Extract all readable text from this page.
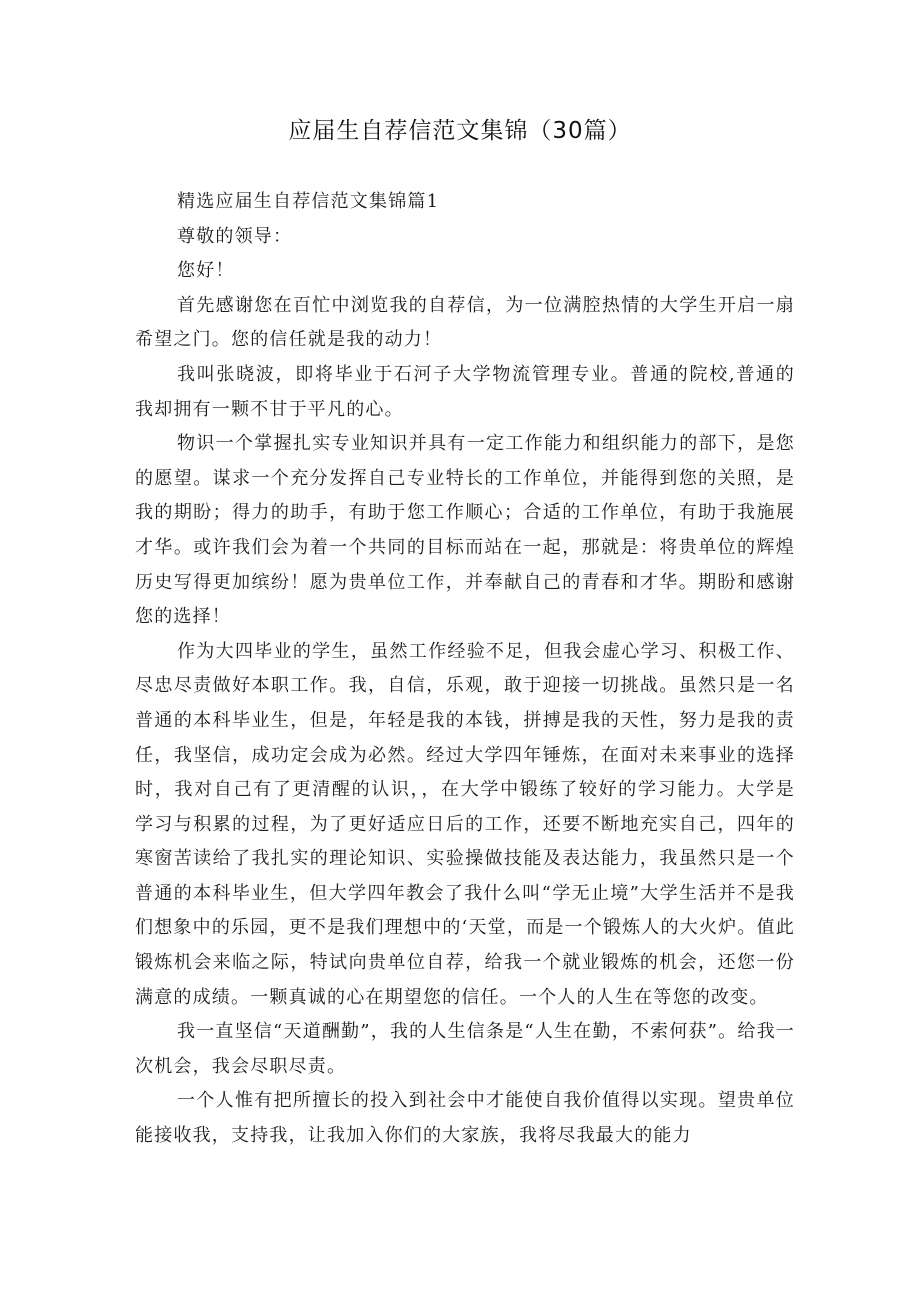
应届生自荐信范文集锦（30篇）

精选应届生自荐信范文集锦篇1

尊敬的领导：

您好！

首先感谢您在百忙中浏览我的自荐信，为一位满腔热情的大学生开启一扇希望之门。您的信任就是我的动力！

我叫张晓波，即将毕业于石河子大学物流管理专业。普通的院校,普通的我却拥有一颗不甘于平凡的心。

物识一个掌握扎实专业知识并具有一定工作能力和组织能力的部下，是您的愿望。谋求一个充分发挥自己专业特长的工作单位，并能得到您的关照，是我的期盼；得力的助手，有助于您工作顺心；合适的工作单位，有助于我施展才华。或许我们会为着一个共同的目标而站在一起，那就是：将贵单位的辉煌历史写得更加缤纷！愿为贵单位工作，并奉献自己的青春和才华。期盼和感谢您的选择！

作为大四毕业的学生，虽然工作经验不足，但我会虚心学习、积极工作、尽忠尽责做好本职工作。我，自信，乐观，敢于迎接一切挑战。虽然只是一名普通的本科毕业生，但是，年轻是我的本钱，拼搏是我的天性，努力是我的责任，我坚信，成功定会成为必然。经过大学四年锤炼，在面对未来事业的选择时，我对自己有了更清醒的认识，，在大学中锻练了较好的学习能力。大学是学习与积累的过程，为了更好适应日后的工作，还要不断地充实自己，四年的寒窗苦读给了我扎实的理论知识、实验操做技能及表达能力，我虽然只是一个普通的本科毕业生，但大学四年教会了我什么叫“学无止境”大学生活并不是我们想象中的乐园，更不是我们理想中的‘天堂，而是一个锻炼人的大火炉。值此锻炼机会来临之际，特试向贵单位自荐，给我一个就业锻炼的机会，还您一份满意的成绩。一颗真诚的心在期望您的信任。一个人的人生在等您的改变。

我一直坚信“天道酬勤”，我的人生信条是“人生在勤，不索何获”。给我一次机会，我会尽职尽责。

一个人惟有把所擅长的投入到社会中才能使自我价值得以实现。望贵单位能接收我，支持我，让我加入你们的大家族，我将尽我最大的能力
